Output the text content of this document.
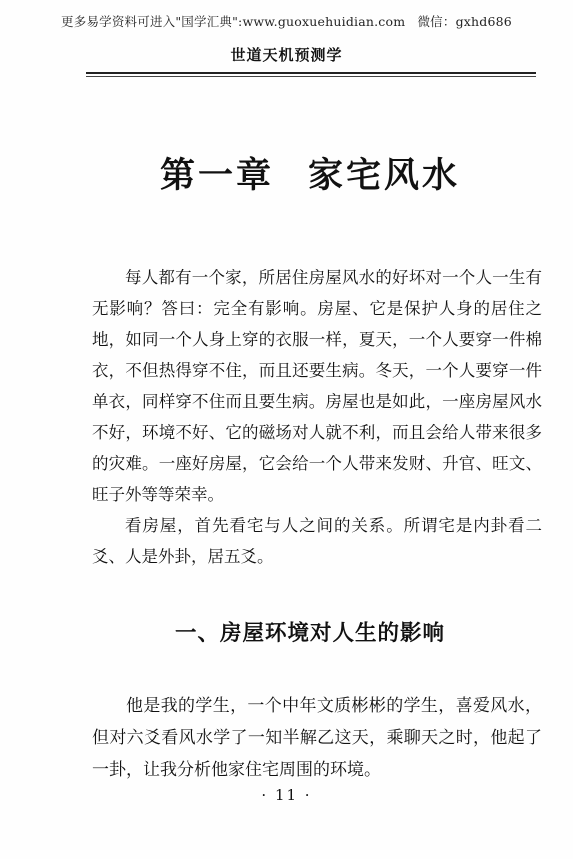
更多易学资料可进入"国学汇典":www.guoxuehuidian.com 微信：gxhd686
世道天机预测学
第一章 家宅风水

每人都有一个家，所居住房屋风水的好坏对一个人一生有无影响？答曰：完全有影响。房屋、它是保护人身的居住之地，如同一个人身上穿的衣服一样，夏天，一个人要穿一件棉衣，不但热得穿不住，而且还要生病。冬天，一个人要穿一件单衣，同样穿不住而且要生病。房屋也是如此，一座房屋风水不好，环境不好、它的磁场对人就不利，而且会给人带来很多的灾难。一座好房屋，它会给一个人带来发财、升官、旺文、旺子外等等荣幸。

看房屋，首先看宅与人之间的关系。所谓宅是内卦看二爻、人是外卦，居五爻。

一、房屋环境对人生的影响

他是我的学生，一个中年文质彬彬的学生，喜爱风水，但对六爻看风水学了一知半解乙这天，乘聊天之时，他起了一卦，让我分析他家住宅周围的环境。

· 11 ·
